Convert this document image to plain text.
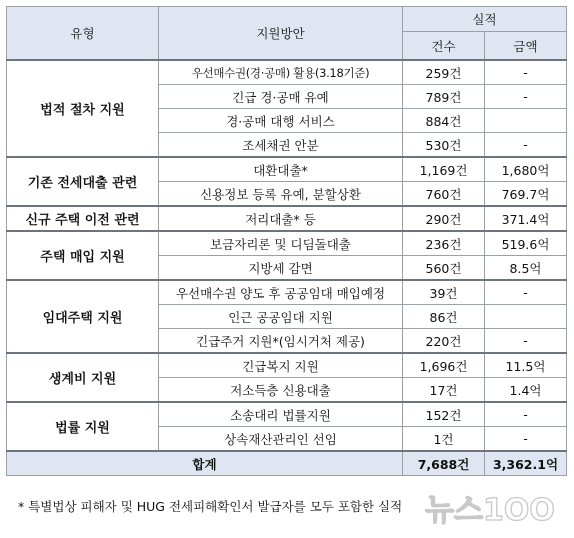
유형	지원방안	실적	
		건수	금액
법적 절차 지원	우선매수권(경·공매) 활용(3.18기준)	259건	-
	긴급 경·공매 유예	789건	-
	경·공매 대행 서비스	884건	
	조세채권 안분	530건	-
기존 전세대출 관련	대환대출*	1,169건	1,680억
	신용정보 등록 유예, 분할상환	760건	769.7억
신규 주택 이전 관련	저리대출* 등	290건	371.4억
주택 매입 지원	보금자리론 및 디딤돌대출	236건	519.6억
	지방세 감면	560건	8.5억
임대주택 지원	우선매수권 양도 후 공공임대 매입예정	39건	-
	인근 공공임대 지원	86건	
	긴급주거 지원*(임시거처 제공)	220건	-
생계비 지원	긴급복지 지원	1,696건	11.5억
	저소득층 신용대출	17건	1.4억
법률 지원	소송대리 법률지원	152건	-
	상속재산관리인 선임	1건	-
합계		7,688건	3,362.1억
* 특별법상 피해자 및 HUG 전세피해확인서 발급자를 모두 포함한 실적 뉴스1OO
